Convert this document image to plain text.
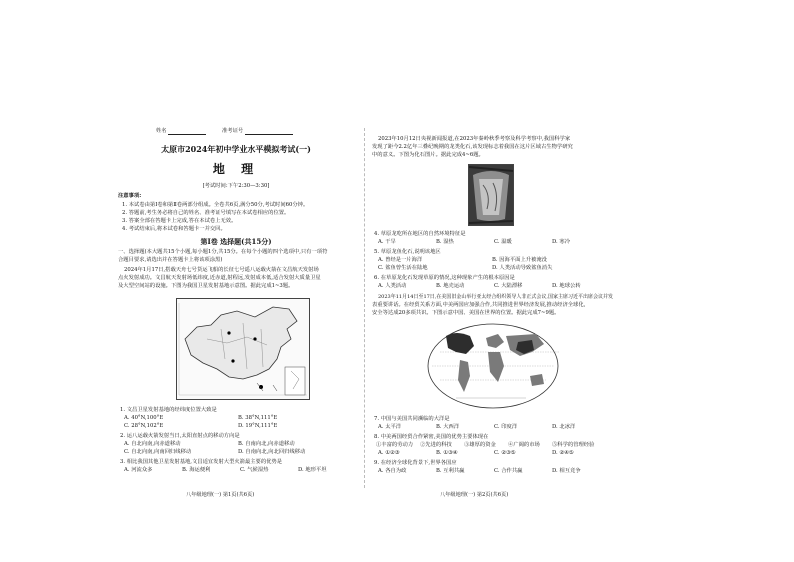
姓名	准考证号
太原市2024年初中学业水平模拟考试(一)
地 理
[考试时间:下午2:30—3:30]
注意事项:
1. 本试卷由第Ⅰ卷和第Ⅱ卷两部分组成。全卷共6页,满分50分,考试时间60分钟。
2. 答题前,考生务必将自己的姓名、准考证号填写在本试卷相应的位置。
3. 答案全部在答题卡上完成,答在本试卷上无效。
4. 考试结束后,将本试卷和答题卡一并交回。
第Ⅰ卷 选择题(共15分)
一、选择题(本大题共15个小题,每小题1分,共15分。在每个小题的四个选项中,只有一项符
合题目要求,请选出并在答题卡上将该项涂黑)
2024年1月17日,搭载天舟七号货运飞船的长征七号遥八运载火箭在文昌航天发射场
点火发射成功。文昌航天发射场低纬度,近赤道,射程远,发射成本低,适合发射大质量卫星
及大型空间站的设施。下图为我国卫星发射基地示意图。据此完成1~3题。
1. 文昌卫星发射基地的经纬度位置大致是
A. 40°N,100°E	B. 38°N,111°E
C. 28°N,102°E	D. 19°N,111°E
2. 运八运载火箭发射当日,太阳直射点的移动方向是
A. 自北向南,向赤道移动	B. 自南向北,向赤道移动
C. 自北向南,向南回归线移动	D. 自南向北,向北回归线移动
3. 相比我国其他卫星发射基地,文昌适宜发射大型火箭最主要的优势是
A. 河流众多	B. 海运便利	C. 气候湿热	D. 地形平坦
八年级地理(一) 第1页(共6页)
2023年10月12日央视新闻报道,在2023年秦岭秋季考察及科学考察中,我国科学家
发现了距今2.2亿年三叠纪晚期的龙类化石,该发现标志着我国在这片区域古生物学研究
中的意义。下图为化石图片。据此完成4~6题。
4. 草原龙吃所在地区的自然环境特征是
A. 干旱	B. 湿热	C. 温暖	D. 寒冷
5. 草原龙鱼化石,说明该地区
A. 曾经是一片海洋	B. 因海平面上升被淹没
C. 鲨鱼曾生活在陆地	D. 人类活动导致鲨鱼消失
6. 在草原龙化石发现草原的情况,这种现象产生的根本原因是
A. 人类活动	B. 地壳运动	C. 大陆漂移	D. 地球公转
2023年11月14日至17日,在美国旧金山举行亚太经合组织领导人非正式会议,国家主席习近平出席会议并发
表重要讲话。在经贸关系方面,中美两国应加强合作,共同推进世界经济发展,推动经济全球化,
安全等达成20多项共识。下图示意中国、美国在世界的位置。据此完成7~9题。
7. 中国与美国共同濒临的大洋是
A. 太平洋	B. 大西洋	C. 印度洋	D. 北冰洋
8. 中美两国经贸合作紧密,美国的优势主要体现在
①丰富的劳动力 ②先进的科技 ③雄厚的资金 ④广阔的市场 ⑤科学的管理经验
A. ①②③	B. ①③④	C. ②③⑤	D. ②④⑤
9. 在经济全球化背景下,世界各国应
A. 各自为政	B. 互利共赢	C. 合作共赢	D. 相互竞争
八年级地理(一) 第2页(共6页)
